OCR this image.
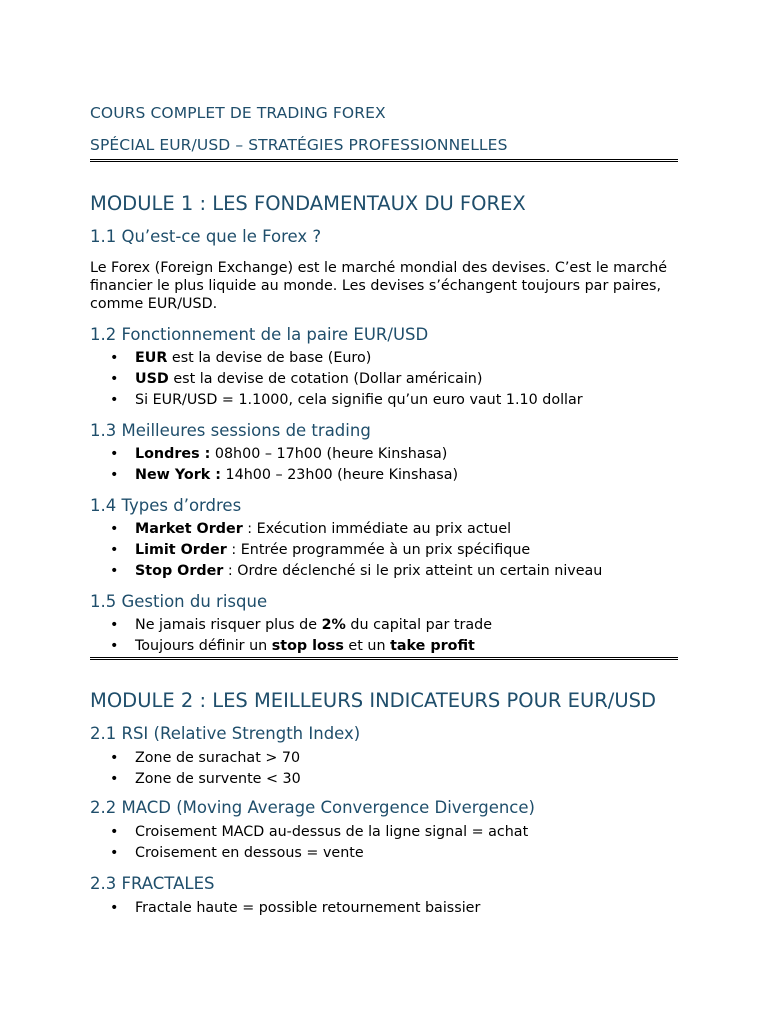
COURS COMPLET DE TRADING FOREX

SPÉCIAL EUR/USD – STRATÉGIES PROFESSIONNELLES

MODULE 1 : LES FONDAMENTAUX DU FOREX
1.1 Qu’est-ce que le Forex ?

Le Forex (Foreign Exchange) est le marché mondial des devises. C’est le marché financier le plus liquide au monde. Les devises s’échangent toujours par paires, comme EUR/USD.

1.2 Fonctionnement de la paire EUR/USD
• EUR est la devise de base (Euro)
• USD est la devise de cotation (Dollar américain)
• Si EUR/USD = 1.1000, cela signifie qu’un euro vaut 1.10 dollar
1.3 Meilleures sessions de trading
• Londres : 08h00 – 17h00 (heure Kinshasa)
• New York : 14h00 – 23h00 (heure Kinshasa)
1.4 Types d’ordres
• Market Order : Exécution immédiate au prix actuel
• Limit Order : Entrée programmée à un prix spécifique
• Stop Order : Ordre déclenché si le prix atteint un certain niveau
1.5 Gestion du risque
• Ne jamais risquer plus de 2% du capital par trade
• Toujours définir un stop loss et un take profit
MODULE 2 : LES MEILLEURS INDICATEURS POUR EUR/USD
2.1 RSI (Relative Strength Index)
• Zone de surachat > 70
• Zone de survente < 30
2.2 MACD (Moving Average Convergence Divergence)
• Croisement MACD au-dessus de la ligne signal = achat
• Croisement en dessous = vente
2.3 FRACTALES
• Fractale haute = possible retournement baissier
